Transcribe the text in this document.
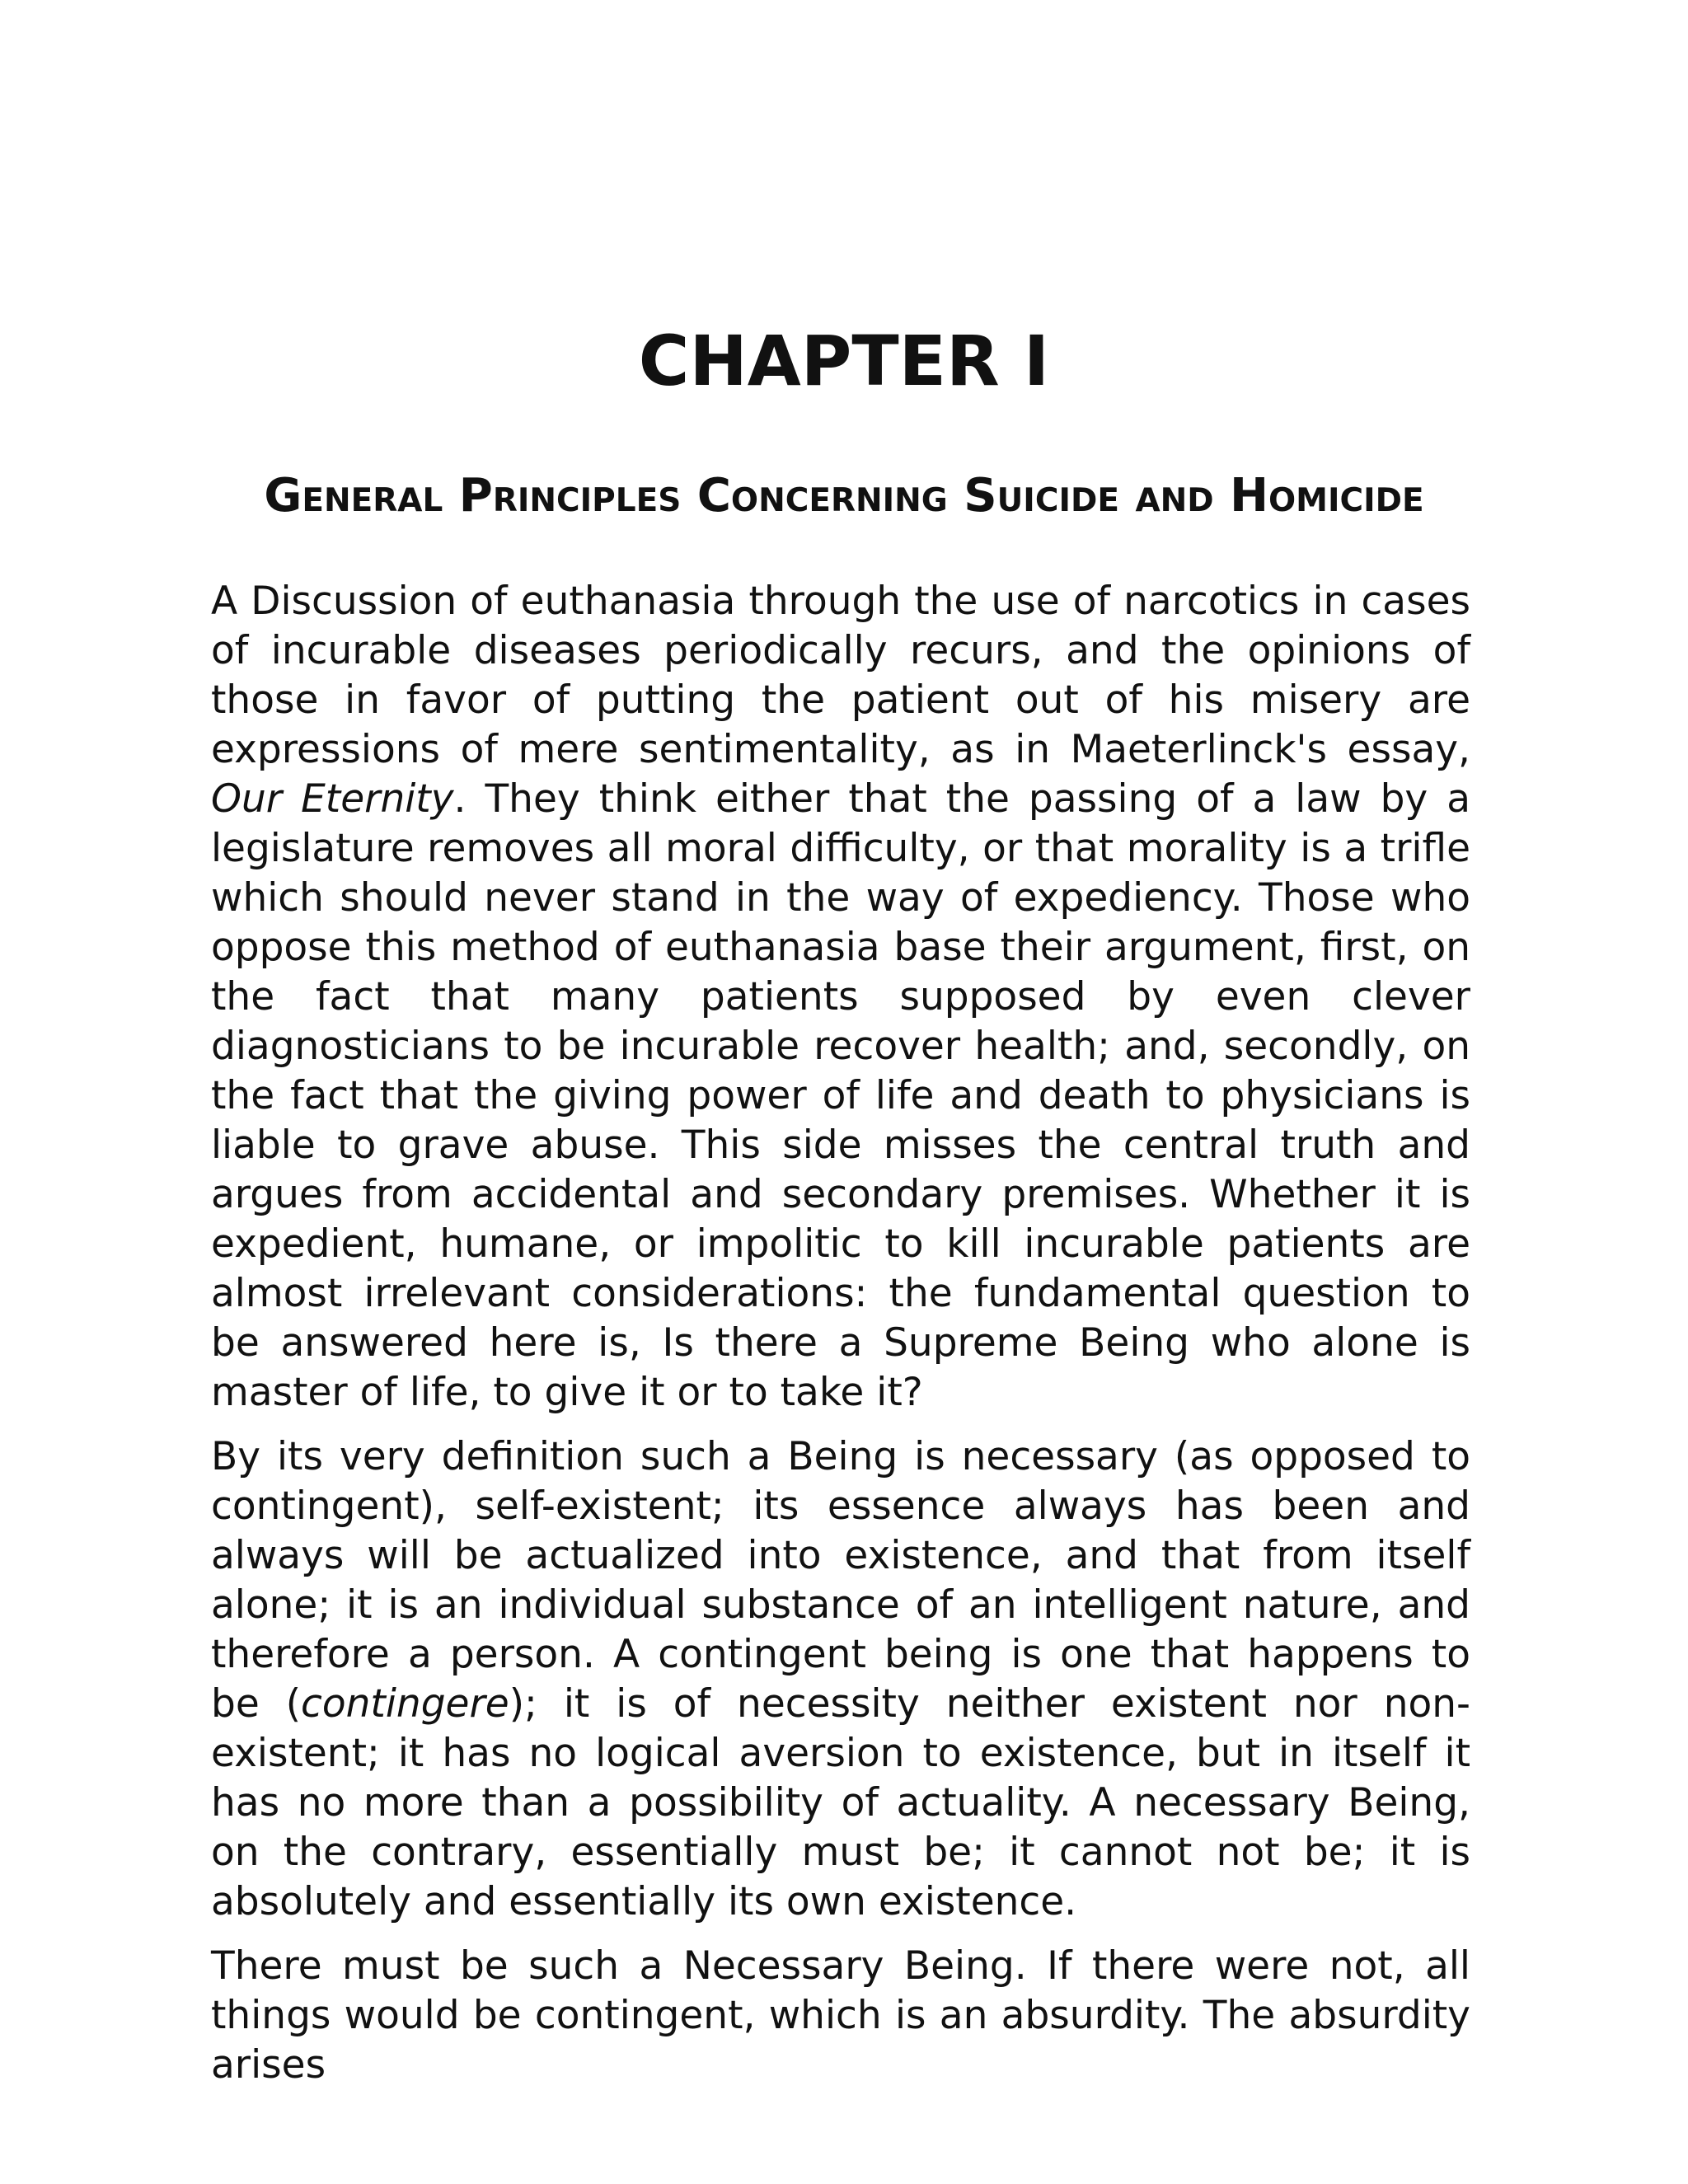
CHAPTER I
General Principles Concerning Suicide and Homicide

A Discussion of euthanasia through the use of narcotics in cases of incurable diseases periodically recurs, and the opinions of those in favor of putting the patient out of his misery are expressions of mere sentimentality, as in Maeterlinck's essay, Our Eternity. They think either that the passing of a law by a legislature removes all moral difficulty, or that morality is a trifle which should never stand in the way of expediency. Those who oppose this method of euthanasia base their argument, first, on the fact that many patients supposed by even clever diagnosticians to be incurable recover health; and, secondly, on the fact that the giving power of life and death to physicians is liable to grave abuse. This side misses the central truth and argues from accidental and secondary premises. Whether it is expedient, humane, or impolitic to kill incurable patients are almost irrelevant considerations: the fundamental question to be answered here is, Is there a Supreme Being who alone is master of life, to give it or to take it?

By its very definition such a Being is necessary (as opposed to contingent), self-existent; its essence always has been and always will be actualized into existence, and that from itself alone; it is an individual substance of an intelligent nature, and therefore a person. A contingent being is one that happens to be (contingere); it is of necessity neither existent nor non-existent; it has no logical aversion to existence, but in itself it has no more than a possibility of actuality. A necessary Being, on the contrary, essentially must be; it cannot not be; it is absolutely and essentially its own existence.

There must be such a Necessary Being. If there were not, all things would be contingent, which is an absurdity. The absurdity arises
